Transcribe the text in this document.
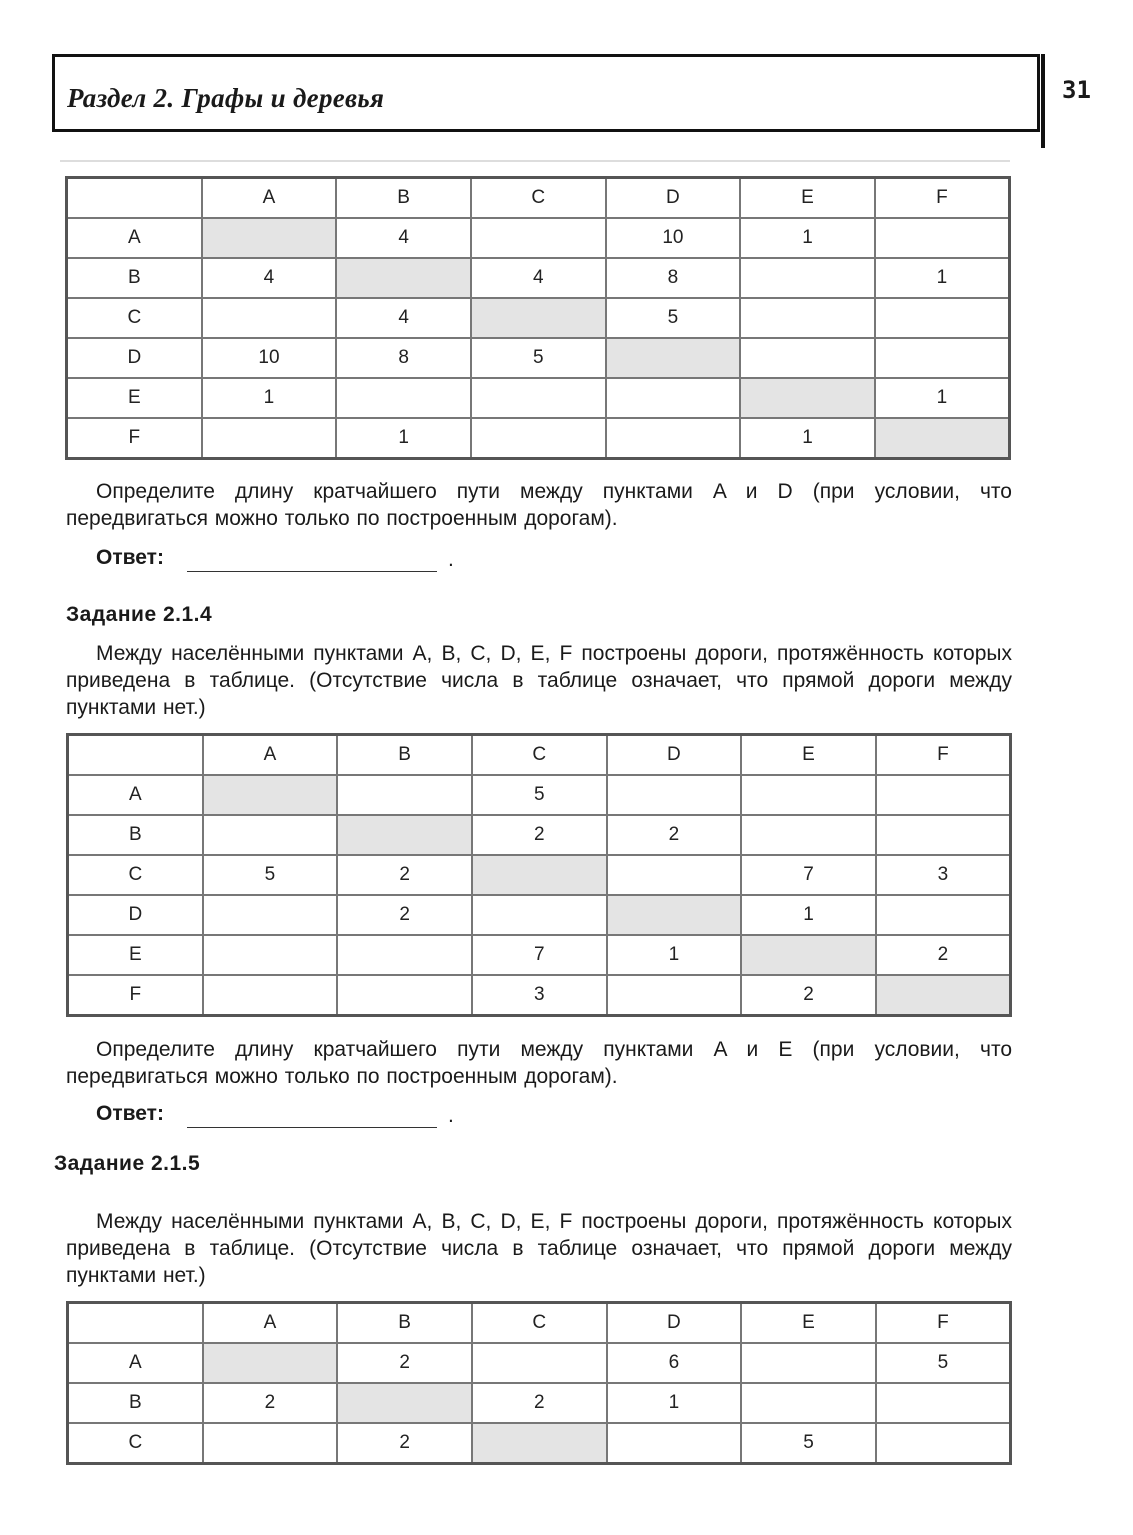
Раздел 2. Графы и деревья	31
	A	B	C	D	E	F
A		4		10	1	
B	4		4	8		1
C		4		5		
D	10	8	5			
E	1					1
F		1			1	

Определите длину кратчайшего пути между пунктами A и D (при условии, что передвигаться можно только по построенным дорогам).

Ответ:	.
Задание 2.1.4

Между населёнными пунктами A, B, C, D, E, F построены дороги, протяжённость которых приведена в таблице. (Отсутствие числа в таблице означает, что прямой дороги между пунктами нет.)

	A	B	C	D	E	F
A			5			
B			2	2		
C	5	2			7	3
D		2			1	
E			7	1		2
F			3		2	

Определите длину кратчайшего пути между пунктами A и E (при условии, что передвигаться можно только по построенным дорогам).

Ответ:	.
Задание 2.1.5

Между населёнными пунктами A, B, C, D, E, F построены дороги, протяжённость которых приведена в таблице. (Отсутствие числа в таблице означает, что прямой дороги между пунктами нет.)

	A	B	C	D	E	F
A		2		6		5
B	2		2	1		
C		2			5	
